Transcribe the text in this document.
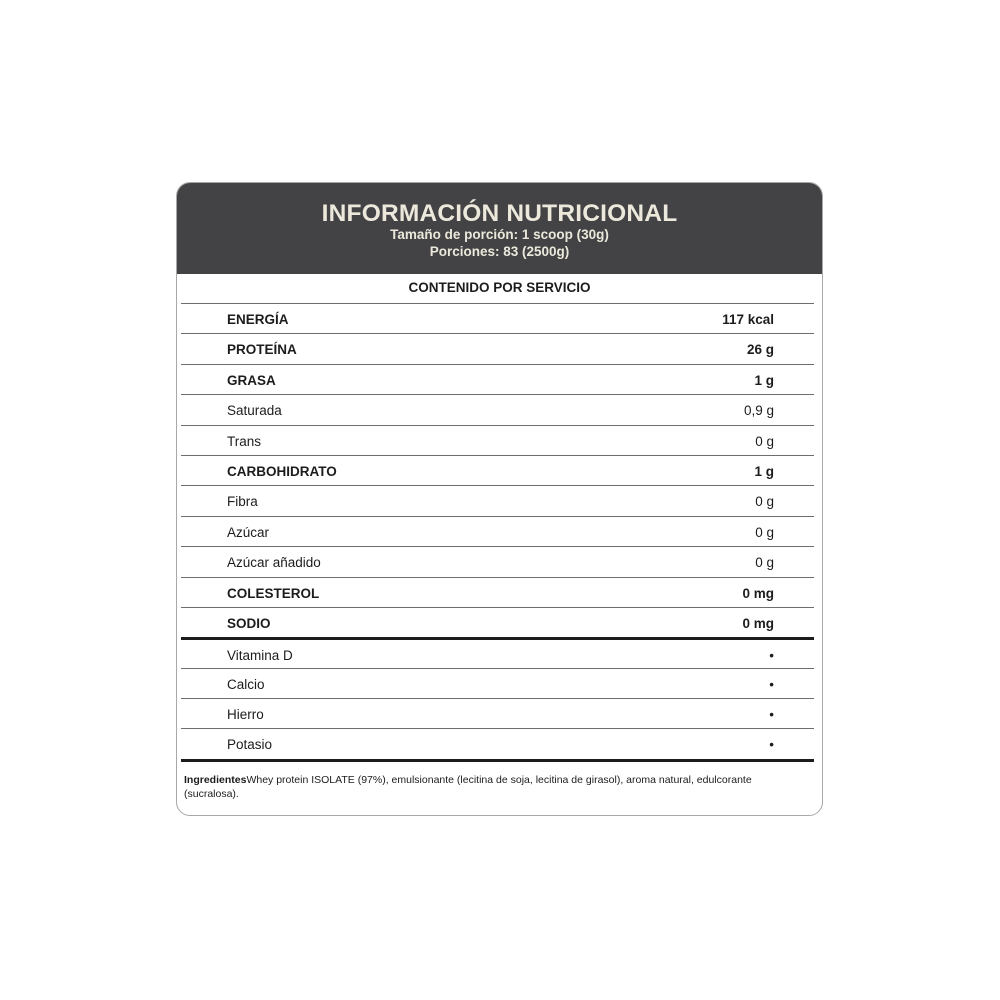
INFORMACIÓN NUTRICIONAL
Tamaño de porción: 1 scoop (30g)
Porciones: 83 (2500g)
CONTENIDO POR SERVICIO
ENERGÍA	117 kcal
PROTEÍNA	26 g
GRASA	1 g
Saturada	0,9 g
Trans	0 g
CARBOHIDRATO	1 g
Fibra	0 g
Azúcar	0 g
Azúcar añadido	0 g
COLESTEROL	0 mg
SODIO	0 mg
Vitamina D	•
Calcio	•
Hierro	•
Potasio	•
IngredientesWhey protein ISOLATE (97%), emulsionante (lecitina de soja, lecitina de girasol), aroma natural, edulcorante (sucralosa).
